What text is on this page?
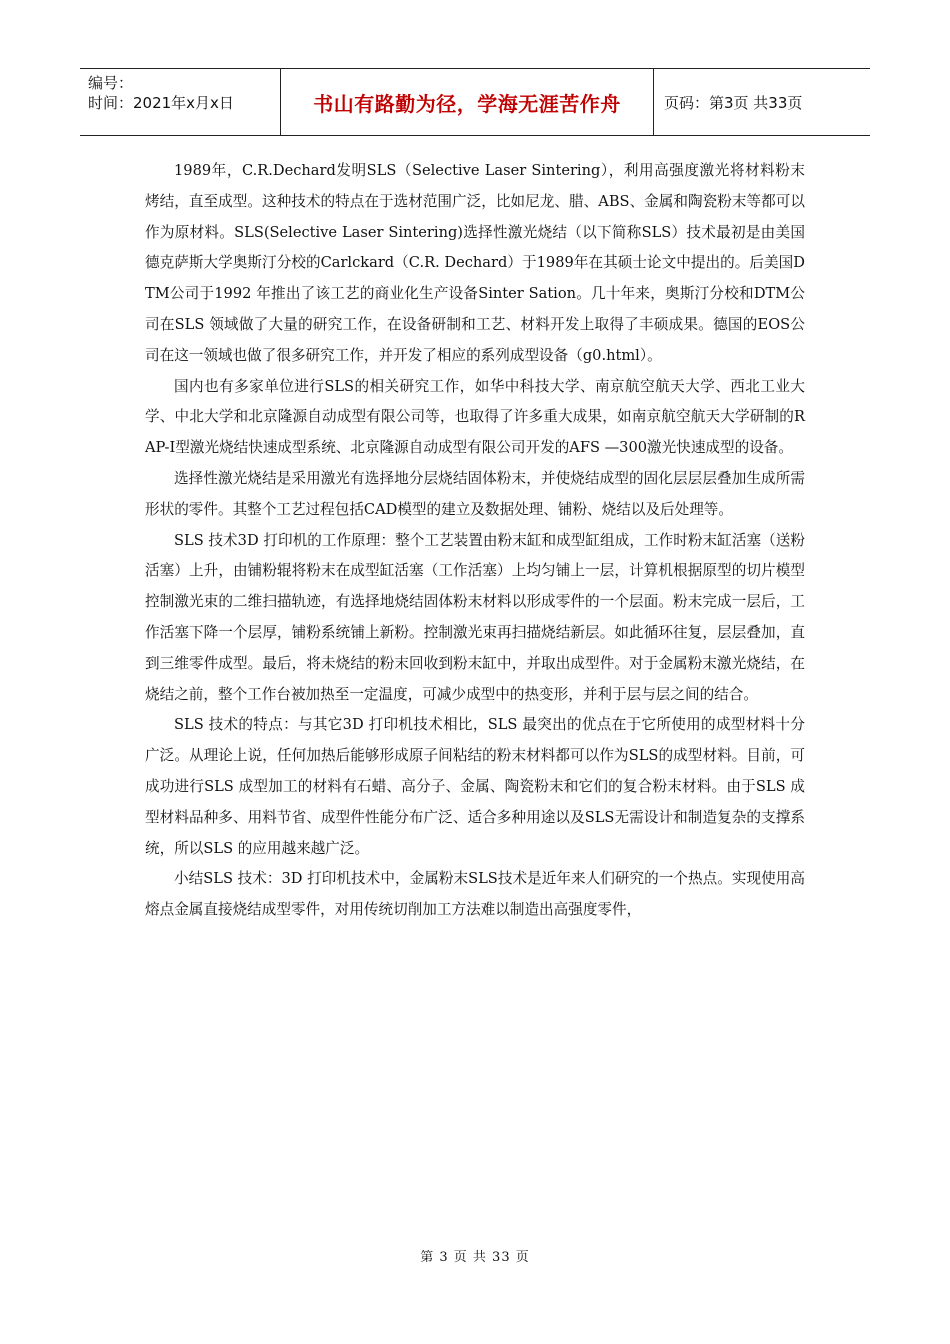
编号：
时间：2021年x月x日	书山有路勤为径，学海无涯苦作舟	页码：第3页 共33页

1989年，C.R.Dechard发明SLS（Selective Laser Sintering），利用高强度激光将材料粉末烤结，直至成型。这种技术的特点在于选材范围广泛，比如尼龙、腊、ABS、金属和陶瓷粉末等都可以作为原材料。SLS(Selective Laser Sintering)选择性激光烧结（以下简称SLS）技术最初是由美国德克萨斯大学奥斯汀分校的Carlckard（C.R. Dechard）于1989年在其硕士论文中提出的。后美国DTM公司于1992 年推出了该工艺的商业化生产设备Sinter Sation。几十年来，奥斯汀分校和DTM公司在SLS 领域做了大量的研究工作，在设备研制和工艺、材料开发上取得了丰硕成果。德国的EOS公司在这一领域也做了很多研究工作，并开发了相应的系列成型设备（g0.html）。

国内也有多家单位进行SLS的相关研究工作，如华中科技大学、南京航空航天大学、西北工业大学、中北大学和北京隆源自动成型有限公司等，也取得了许多重大成果，如南京航空航天大学研制的RAP-I型激光烧结快速成型系统、北京隆源自动成型有限公司开发的AFS —300激光快速成型的设备。

选择性激光烧结是采用激光有选择地分层烧结固体粉末，并使烧结成型的固化层层层叠加生成所需形状的零件。其整个工艺过程包括CAD模型的建立及数据处理、铺粉、烧结以及后处理等。

SLS 技术3D 打印机的工作原理：整个工艺装置由粉末缸和成型缸组成，工作时粉末缸活塞（送粉活塞）上升，由铺粉辊将粉末在成型缸活塞（工作活塞）上均匀铺上一层，计算机根据原型的切片模型控制激光束的二维扫描轨迹，有选择地烧结固体粉末材料以形成零件的一个层面。粉末完成一层后，工作活塞下降一个层厚，铺粉系统铺上新粉。控制激光束再扫描烧结新层。如此循环往复，层层叠加，直到三维零件成型。最后，将未烧结的粉末回收到粉末缸中，并取出成型件。对于金属粉末激光烧结，在烧结之前，整个工作台被加热至一定温度，可减少成型中的热变形，并利于层与层之间的结合。

SLS 技术的特点：与其它3D 打印机技术相比，SLS 最突出的优点在于它所使用的成型材料十分广泛。从理论上说，任何加热后能够形成原子间粘结的粉末材料都可以作为SLS的成型材料。目前，可成功进行SLS 成型加工的材料有石蜡、高分子、金属、陶瓷粉末和它们的复合粉末材料。由于SLS 成型材料品种多、用料节省、成型件性能分布广泛、适合多种用途以及SLS无需设计和制造复杂的支撑系统，所以SLS 的应用越来越广泛。

小结SLS 技术：3D 打印机技术中，金属粉末SLS技术是近年来人们研究的一个热点。实现使用高熔点金属直接烧结成型零件，对用传统切削加工方法难以制造出高强度零件，

第 3 页 共 33 页
